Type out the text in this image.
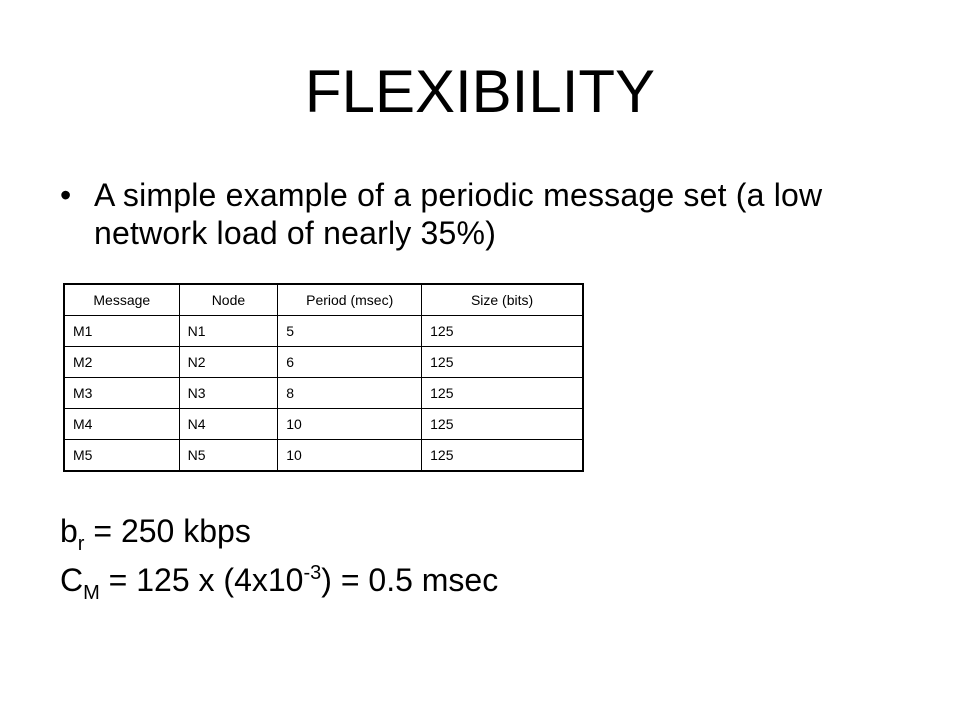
FLEXIBILITY
• A simple example of a periodic message set (a low network load of nearly 35%)
Message	Node	Period (msec)	Size (bits)
M1	N1	5	125
M2	N2	6	125
M3	N3	8	125
M4	N4	10	125
M5	N5	10	125
$b_r = 250$ kbps
$C_M = 125$ x $(4x10^{-3}) = 0.5$ msec
